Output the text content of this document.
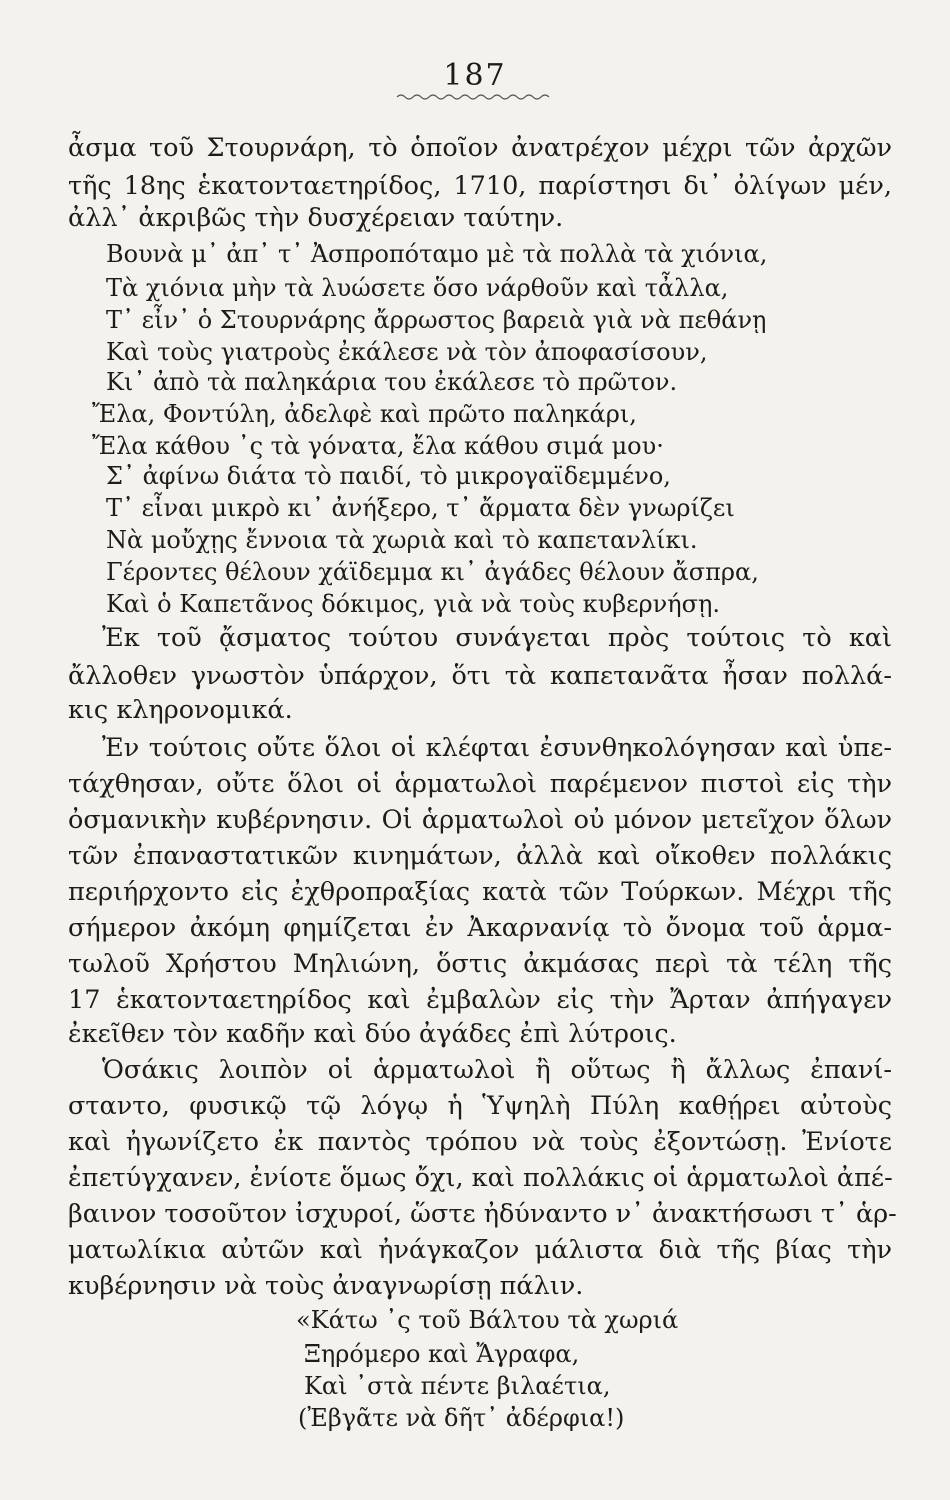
187
ἆσμα τοῦ Στουρνάρη, τὸ ὁποῖον ἀνατρέχον μέχρι τῶν ἀρχῶν
τῆς 18ης ἑκατονταετηρίδος, 1710, παρίστησι δι᾽ ὀλίγων μέν,
ἀλλ᾽ ἀκριβῶς τὴν δυσχέρειαν ταύτην.
Βουνὰ μ᾽ ἀπ᾽ τ᾽ Ἀσπροπόταμο μὲ τὰ πολλὰ τὰ χιόνια,
Τὰ χιόνια μὴν τὰ λυώσετε ὅσο νάρθοῦν καὶ τἆλλα,
Τ᾽ εἶν᾽ ὁ Στουρνάρης ἄρρωστος βαρειὰ γιὰ νὰ πεθάνῃ
Καὶ τοὺς γιατροὺς ἐκάλεσε νὰ τὸν ἀποφασίσουν,
Κι᾽ ἀπὸ τὰ παληκάρια του ἐκάλεσε τὸ πρῶτον.
Ἔλα, Φοντύλη, ἀδελφὲ καὶ πρῶτο παληκάρι,
Ἔλα κάθου ᾽ς τὰ γόνατα, ἔλα κάθου σιμά μου·
Σ᾽ ἀφίνω διάτα τὸ παιδί, τὸ μικρογαϊδεμμένο,
Τ᾽ εἶναι μικρὸ κι᾽ ἀνήξερο, τ᾽ ἄρματα δὲν γνωρίζει
Νὰ μοὔχῃς ἔννοια τὰ χωριὰ καὶ τὸ καπετανλίκι.
Γέροντες θέλουν χάϊδεμμα κι᾽ ἀγάδες θέλουν ἄσπρα,
Καὶ ὁ Καπετᾶνος δόκιμος, γιὰ νὰ τοὺς κυβερνήσῃ.
Ἐκ τοῦ ᾄσματος τούτου συνάγεται πρὸς τούτοις τὸ καὶ
ἄλλοθεν γνωστὸν ὑπάρχον, ὅτι τὰ καπετανᾶτα ἦσαν πολλά-
κις κληρονομικά.
Ἐν τούτοις οὔτε ὅλοι οἱ κλέφται ἐσυνθηκολόγησαν καὶ ὑπε-
τάχθησαν, οὔτε ὅλοι οἱ ἁρματωλοὶ παρέμενον πιστοὶ εἰς τὴν
ὀσμανικὴν κυβέρνησιν. Οἱ ἁρματωλοὶ οὐ μόνον μετεῖχον ὅλων
τῶν ἐπαναστατικῶν κινημάτων, ἀλλὰ καὶ οἴκοθεν πολλάκις
περιήρχοντο εἰς ἐχθροπραξίας κατὰ τῶν Τούρκων. Μέχρι τῆς
σήμερον ἀκόμη φημίζεται ἐν Ἀκαρνανίᾳ τὸ ὄνομα τοῦ ἁρμα-
τωλοῦ Χρήστου Μηλιώνη, ὅστις ἀκμάσας περὶ τὰ τέλη τῆς
17 ἑκατονταετηρίδος καὶ ἐμβαλὼν εἰς τὴν Ἄρταν ἀπήγαγεν
ἐκεῖθεν τὸν καδῆν καὶ δύο ἀγάδες ἐπὶ λύτροις.
Ὁσάκις λοιπὸν οἱ ἁρματωλοὶ ἢ οὕτως ἢ ἄλλως ἐπανί-
σταντο, φυσικῷ τῷ λόγῳ ἡ Ὑψηλὴ Πύλη καθῄρει αὐτοὺς
καὶ ἠγωνίζετο ἐκ παντὸς τρόπου νὰ τοὺς ἐξοντώσῃ. Ἐνίοτε
ἐπετύγχανεν, ἐνίοτε ὅμως ὄχι, καὶ πολλάκις οἱ ἁρματωλοὶ ἀπέ-
βαινον τοσοῦτον ἰσχυροί, ὥστε ἠδύναντο ν᾽ ἀνακτήσωσι τ᾽ ἁρ-
ματωλίκια αὐτῶν καὶ ἠνάγκαζον μάλιστα διὰ τῆς βίας τὴν
κυβέρνησιν νὰ τοὺς ἀναγνωρίσῃ πάλιν.
«Κάτω ᾽ς τοῦ Βάλτου τὰ χωριά
Ξηρόμερο καὶ Ἄγραφα,
Καὶ ᾽στὰ πέντε βιλαέτια,
(Ἐβγᾶτε νὰ δῆτ᾽ ἀδέρφια!)
